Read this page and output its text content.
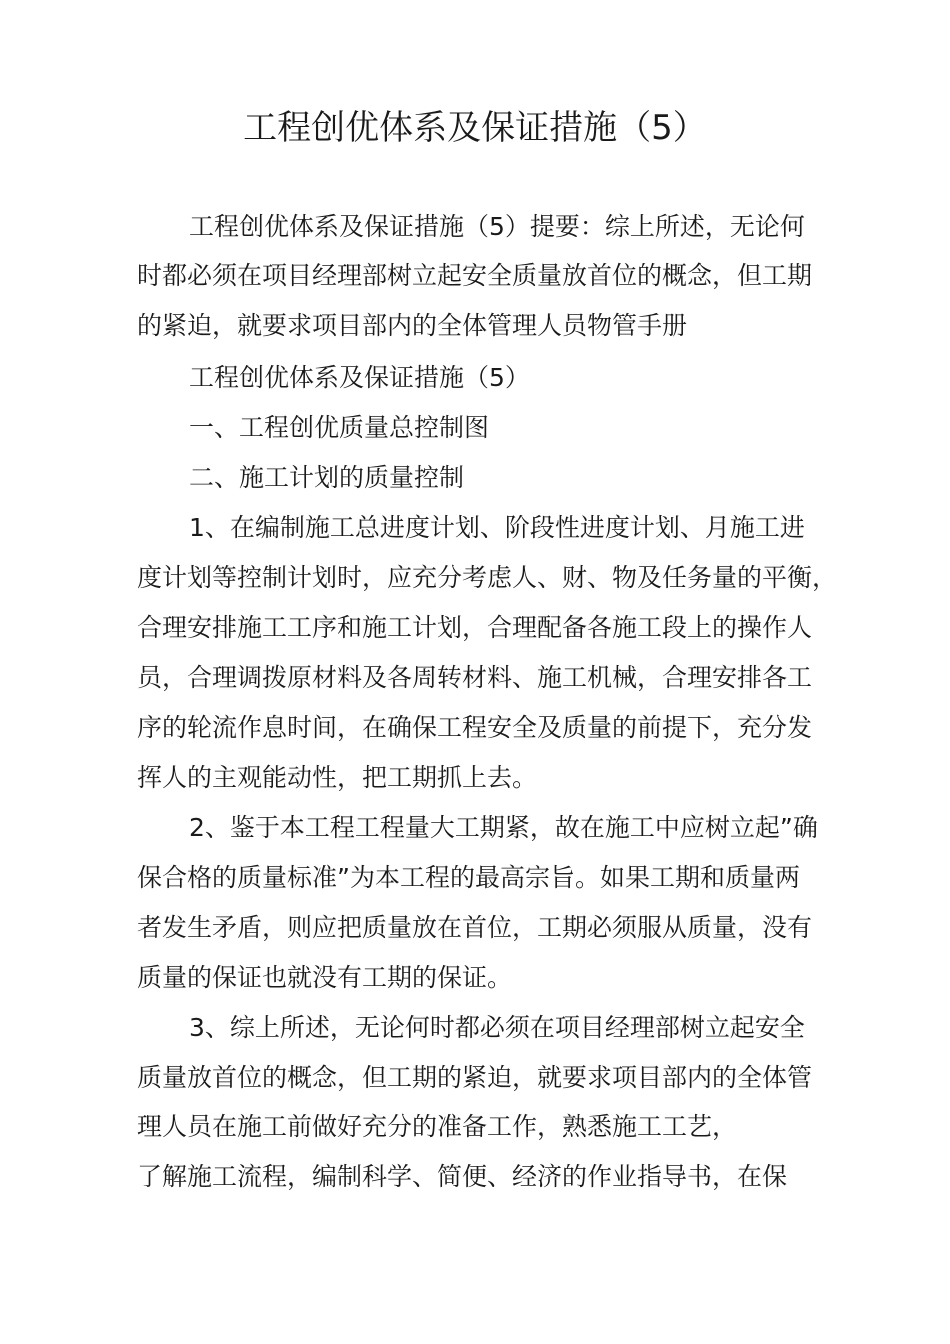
工程创优体系及保证措施（5）
工程创优体系及保证措施（5）提要：综上所述，无论何
时都必须在项目经理部树立起安全质量放首位的概念，但工期
的紧迫，就要求项目部内的全体管理人员物管手册
工程创优体系及保证措施（5）
一、工程创优质量总控制图
二、施工计划的质量控制
1、在编制施工总进度计划、阶段性进度计划、月施工进
度计划等控制计划时，应充分考虑人、财、物及任务量的平衡，
合理安排施工工序和施工计划，合理配备各施工段上的操作人
员，合理调拨原材料及各周转材料、施工机械，合理安排各工
序的轮流作息时间，在确保工程安全及质量的前提下，充分发
挥人的主观能动性，把工期抓上去。
2、鉴于本工程工程量大工期紧，故在施工中应树立起”确
保合格的质量标准”为本工程的最高宗旨。如果工期和质量两
者发生矛盾，则应把质量放在首位，工期必须服从质量，没有
质量的保证也就没有工期的保证。
3、综上所述，无论何时都必须在项目经理部树立起安全
质量放首位的概念，但工期的紧迫，就要求项目部内的全体管
理人员在施工前做好充分的准备工作，熟悉施工工艺，
了解施工流程，编制科学、简便、经济的作业指导书，在保
